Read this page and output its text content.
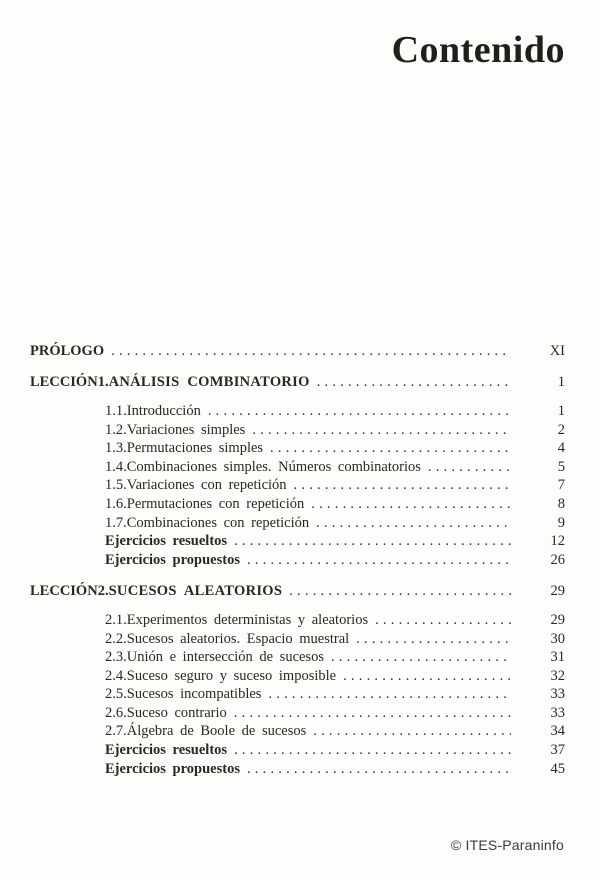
Contenido
PRÓLOGO .....	XI
LECCIÓN 1. ANÁLISIS COMBINATORIO .....	1
1.1. Introducción .....	1
1.2. Variaciones simples .....	2
1.3. Permutaciones simples .....	4
1.4. Combinaciones simples. Números combinatorios .....	5
1.5. Variaciones con repetición .....	7
1.6. Permutaciones con repetición .....	8
1.7. Combinaciones con repetición .....	9
Ejercicios resueltos .....	12
Ejercicios propuestos .....	26
LECCIÓN 2. SUCESOS ALEATORIOS .....	29
2.1. Experimentos deterministas y aleatorios .....	29
2.2. Sucesos aleatorios. Espacio muestral .....	30
2.3. Unión e intersección de sucesos .....	31
2.4. Suceso seguro y suceso imposible .....	32
2.5. Sucesos incompatibles .....	33
2.6. Suceso contrario .....	33
2.7. Álgebra de Boole de sucesos .....	34
Ejercicios resueltos .....	37
Ejercicios propuestos .....	45
© ITES-Paraninfo
